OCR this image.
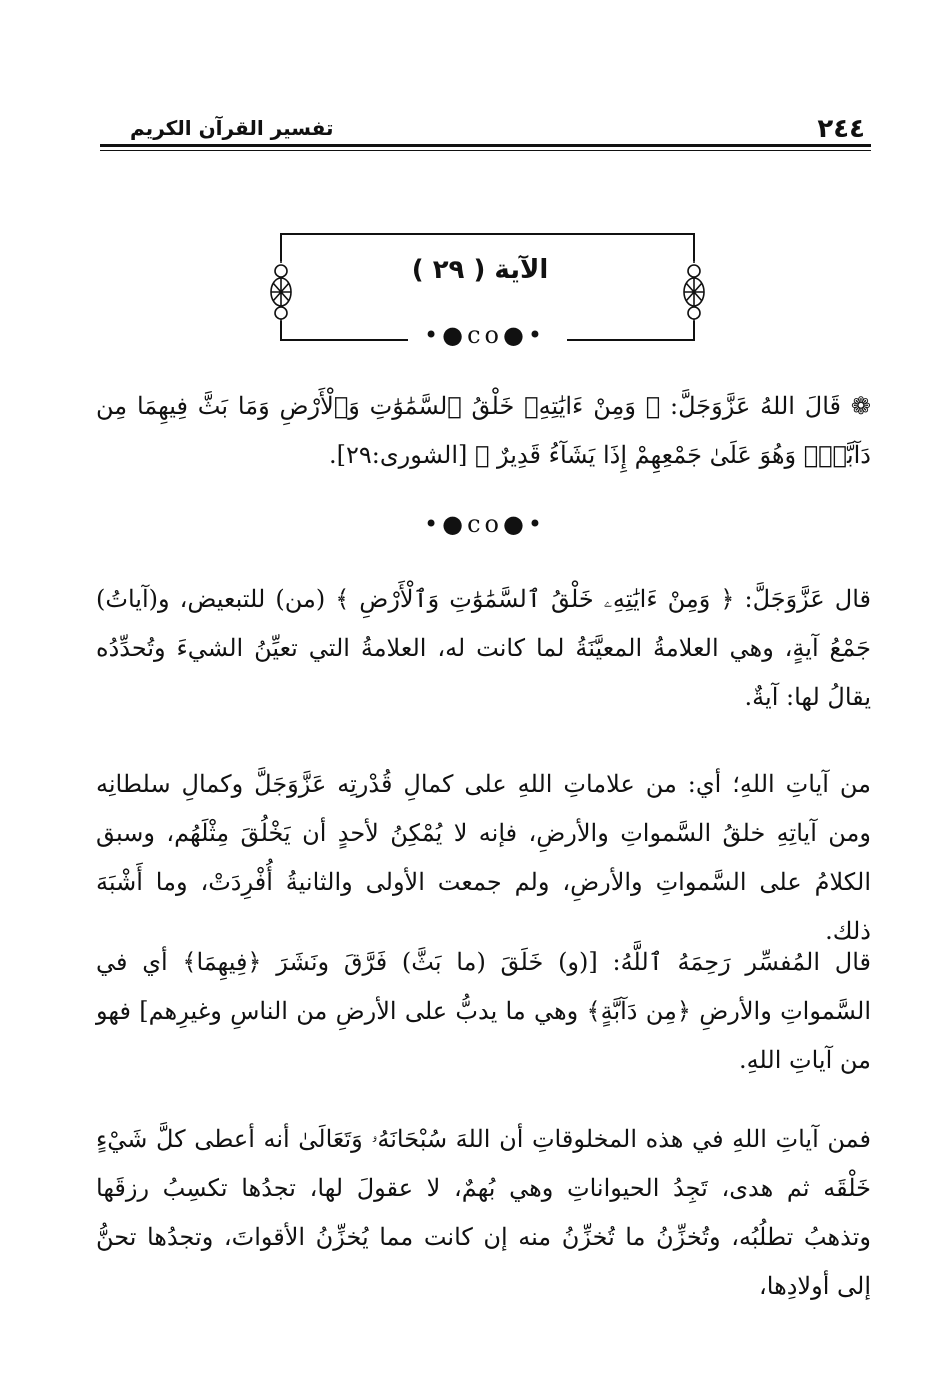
٢٤٤
تفسير القرآن الكريم
الآية ( ٢٩ )
•●co●•
❁ قَالَ اللهُ عَزَّوَجَلَّ: ﴿ وَمِنْ ءَايَٰتِهِۦ خَلْقُ ٱلسَّمَٰوَٰتِ وَٱلْأَرْضِ وَمَا بَثَّ فِيهِمَا مِن دَآبَّةٍۚ وَهُوَ عَلَىٰ جَمْعِهِمْ إِذَا يَشَآءُ قَدِيرٌ ﴾ [الشورى:٢٩].
•●co●•
قال عَزَّوَجَلَّ: ﴿ وَمِنْ ءَايَٰتِهِۦ خَلْقُ ٱلسَّمَٰوَٰتِ وَٱلْأَرْضِ ﴾ (من) للتبعيض، و(آياتُ) جَمْعُ آيةٍ، وهي العلامةُ المعيَّنَةُ لما كانت له، العلامةُ التي تعيِّنُ الشيءَ وتُحدِّدُه يقالُ لها: آيةٌ.
من آياتِ اللهِ؛ أي: من علاماتِ اللهِ على كمالِ قُدْرتِه عَزَّوَجَلَّ وكمالِ سلطانِه ومن آياتِهِ خلقُ السَّمواتِ والأرضِ، فإنه لا يُمْكِنُ لأحدٍ أن يَخْلُقَ مِثْلَهُم، وسبق الكلامُ على السَّمواتِ والأرضِ، ولم جمعت الأولى والثانيةُ أُفْرِدَتْ، وما أَشْبَهَ ذلك.
قال المُفسِّر رَحِمَهُ ٱللَّهُ: [(و) خَلَقَ (ما بَثَّ) فَرَّقَ ونَشَرَ ﴿فِيهِمَا﴾ أي في السَّمواتِ والأرضِ ﴿مِن دَآبَّةٍ﴾ وهي ما يدبُّ على الأرضِ من الناسِ وغيرِهم] فهو من آياتِ اللهِ.
فمن آياتِ اللهِ في هذه المخلوقاتِ أن اللهَ سُبْحَانَهُۥ وَتَعَالَىٰ أنه أعطى كلَّ شَيْءٍ خَلْقَه ثم هدى، تَجِدُ الحيواناتِ وهي بُهمٌ، لا عقولَ لها، تجدُها تكسِبُ رزقَها وتذهبُ تطلُبُه، وتُخزِّنُ ما تُخزِّنُ منه إن كانت مما يُخزِّنُ الأقواتَ، وتجدُها تحنُّ إلى أولادِها،
